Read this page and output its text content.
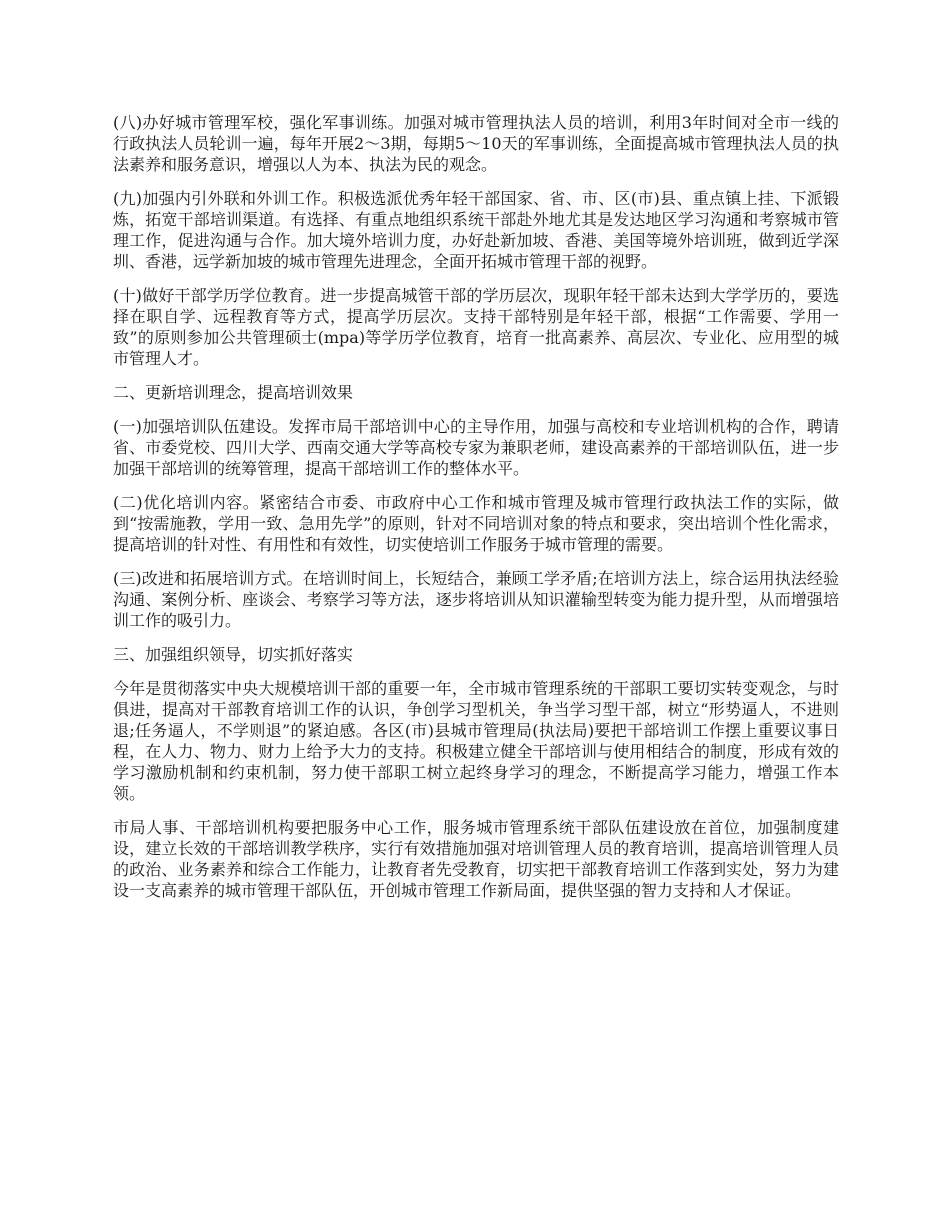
(八)办好城市管理军校，强化军事训练。加强对城市管理执法人员的培训，利用3年时间对全市一线的行政执法人员轮训一遍，每年开展2～3期，每期5～10天的军事训练，全面提高城市管理执法人员的执法素养和服务意识，增强以人为本、执法为民的观念。

(九)加强内引外联和外训工作。积极选派优秀年轻干部国家、省、市、区(市)县、重点镇上挂、下派锻炼，拓宽干部培训渠道。有选择、有重点地组织系统干部赴外地尤其是发达地区学习沟通和考察城市管理工作，促进沟通与合作。加大境外培训力度，办好赴新加坡、香港、美国等境外培训班，做到近学深圳、香港，远学新加坡的城市管理先进理念，全面开拓城市管理干部的视野。

(十)做好干部学历学位教育。进一步提高城管干部的学历层次，现职年轻干部未达到大学学历的，要选择在职自学、远程教育等方式，提高学历层次。支持干部特别是年轻干部，根据“工作需要、学用一致”的原则参加公共管理硕士(mpa)等学历学位教育，培育一批高素养、高层次、专业化、应用型的城市管理人才。

二、更新培训理念，提高培训效果

(一)加强培训队伍建设。发挥市局干部培训中心的主导作用，加强与高校和专业培训机构的合作，聘请省、市委党校、四川大学、西南交通大学等高校专家为兼职老师，建设高素养的干部培训队伍，进一步加强干部培训的统筹管理，提高干部培训工作的整体水平。

(二)优化培训内容。紧密结合市委、市政府中心工作和城市管理及城市管理行政执法工作的实际，做到“按需施教，学用一致、急用先学”的原则，针对不同培训对象的特点和要求，突出培训个性化需求，提高培训的针对性、有用性和有效性，切实使培训工作服务于城市管理的需要。

(三)改进和拓展培训方式。在培训时间上，长短结合，兼顾工学矛盾;在培训方法上，综合运用执法经验沟通、案例分析、座谈会、考察学习等方法，逐步将培训从知识灌输型转变为能力提升型，从而增强培训工作的吸引力。

三、加强组织领导，切实抓好落实

今年是贯彻落实中央大规模培训干部的重要一年，全市城市管理系统的干部职工要切实转变观念，与时俱进，提高对干部教育培训工作的认识，争创学习型机关，争当学习型干部，树立“形势逼人，不进则退;任务逼人，不学则退”的紧迫感。各区(市)县城市管理局(执法局)要把干部培训工作摆上重要议事日程，在人力、物力、财力上给予大力的支持。积极建立健全干部培训与使用相结合的制度，形成有效的学习激励机制和约束机制，努力使干部职工树立起终身学习的理念，不断提高学习能力，增强工作本领。

市局人事、干部培训机构要把服务中心工作，服务城市管理系统干部队伍建设放在首位，加强制度建设，建立长效的干部培训教学秩序，实行有效措施加强对培训管理人员的教育培训，提高培训管理人员的政治、业务素养和综合工作能力，让教育者先受教育，切实把干部教育培训工作落到实处，努力为建设一支高素养的城市管理干部队伍，开创城市管理工作新局面，提供坚强的智力支持和人才保证。
